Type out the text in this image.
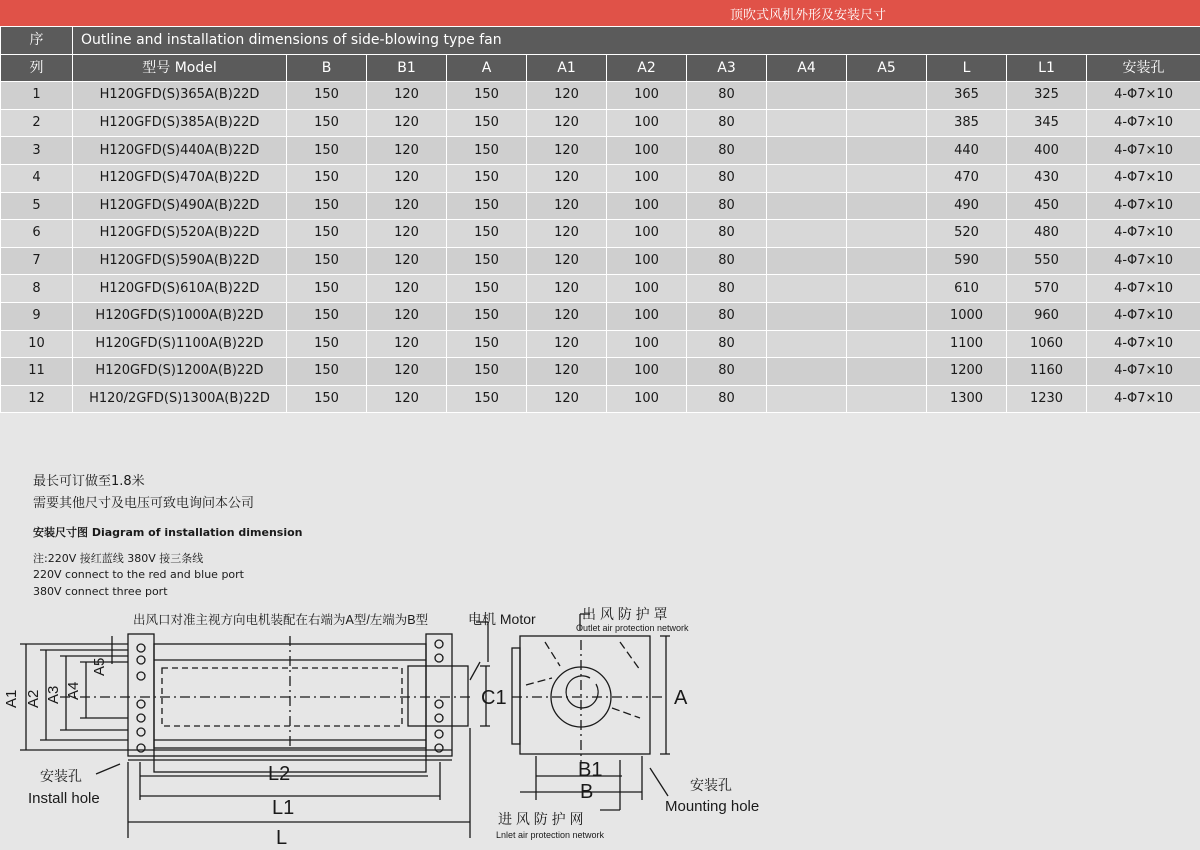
顶吹式风机外形及安装尺寸
序	Outline and installation dimensions of side-blowing type fan											
列	型号 Model	B	B1	A	A1	A2	A3	A4	A5	L	L1	安装孔
1	H120GFD(S)365A(B)22D	150	120	150	120	100	80			365	325	4-Φ7×10
2	H120GFD(S)385A(B)22D	150	120	150	120	100	80			385	345	4-Φ7×10
3	H120GFD(S)440A(B)22D	150	120	150	120	100	80			440	400	4-Φ7×10
4	H120GFD(S)470A(B)22D	150	120	150	120	100	80			470	430	4-Φ7×10
5	H120GFD(S)490A(B)22D	150	120	150	120	100	80			490	450	4-Φ7×10
6	H120GFD(S)520A(B)22D	150	120	150	120	100	80			520	480	4-Φ7×10
7	H120GFD(S)590A(B)22D	150	120	150	120	100	80			590	550	4-Φ7×10
8	H120GFD(S)610A(B)22D	150	120	150	120	100	80			610	570	4-Φ7×10
9	H120GFD(S)1000A(B)22D	150	120	150	120	100	80			1000	960	4-Φ7×10
10	H120GFD(S)1100A(B)22D	150	120	150	120	100	80			1100	1060	4-Φ7×10
11	H120GFD(S)1200A(B)22D	150	120	150	120	100	80			1200	1160	4-Φ7×10
12	H120/2GFD(S)1300A(B)22D	150	120	150	120	100	80			1300	1230	4-Φ7×10
最长可订做至1.8米
需要其他尺寸及电压可致电询问本公司
安装尺寸图 Diagram of installation dimension
注:220V 接红蓝线 380V 接三条线
220V connect to the red and blue port
380V connect three port
出风口对准主视方向电机装配在右端为A型/左端为B型	电机 Motor	出 风 防 护 罩
Outlet air protection network
A1 A2 A3 A4
A5
C1	A
L2
L1
L
B1
B
安装孔
Install hole
安装孔
Mounting hole
进 风 防 护 网
Lnlet air protection network
